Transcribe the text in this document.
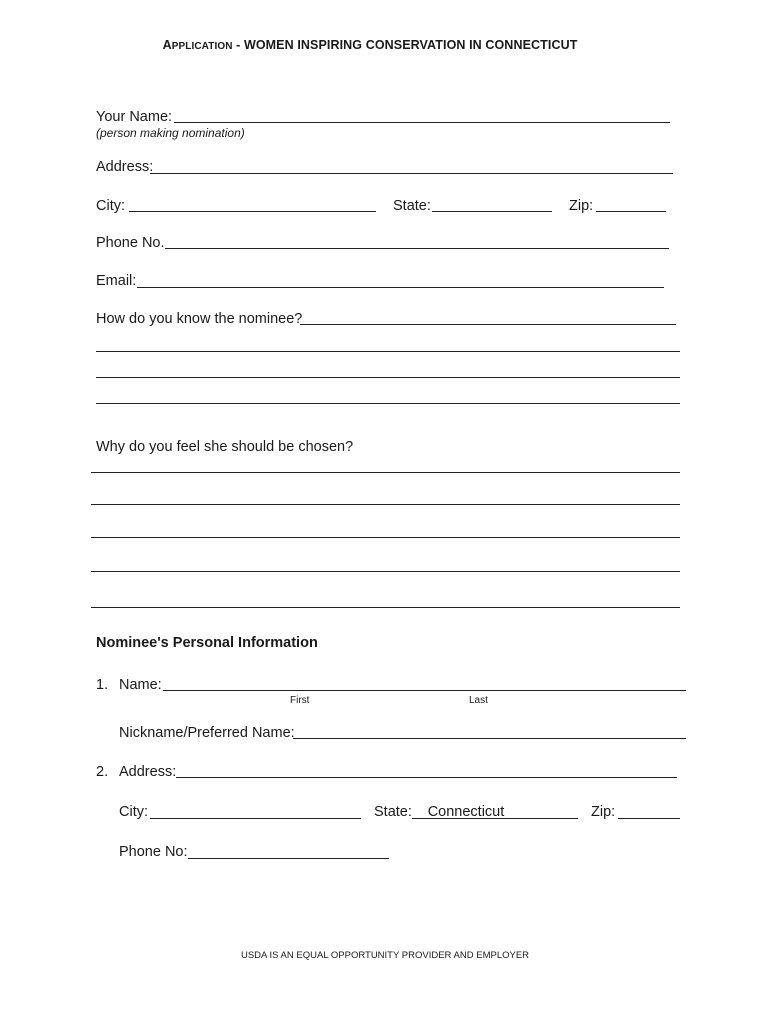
APPLICATION - WOMEN INSPIRING CONSERVATION IN CONNECTICUT
Your Name:
(person making nomination)
Address:
City:	State:	Zip:
Phone No.
Email:
How do you know the nominee?
Why do you feel she should be chosen?
Nominee's Personal Information
1. Name:
First	Last
Nickname/Preferred Name:
2. Address:
City:	State:	Connecticut	Zip:
Phone No:
USDA IS AN EQUAL OPPORTUNITY PROVIDER AND EMPLOYER
